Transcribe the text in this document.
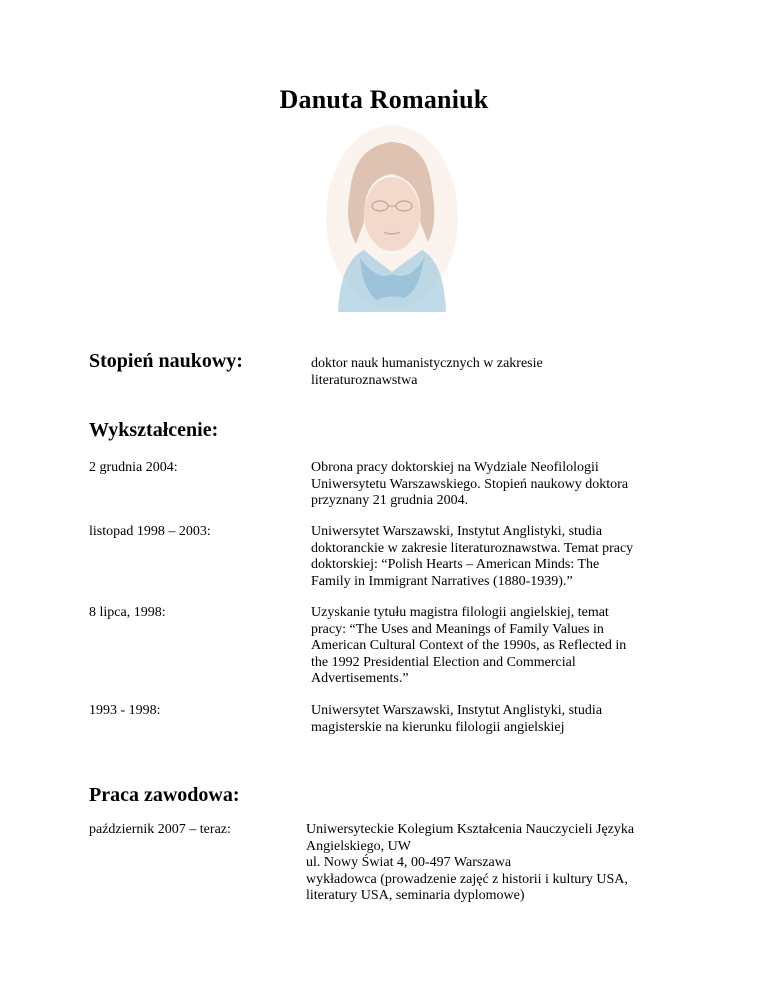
Danuta Romaniuk
Stopień naukowy:	doktor nauk humanistycznych w zakresie
literaturoznawstwa
Wykształcenie:
2 grudnia 2004:	Obrona pracy doktorskiej na Wydziale Neofilologii
Uniwersytetu Warszawskiego. Stopień naukowy doktora
przyznany 21 grudnia 2004.
listopad 1998 – 2003:	Uniwersytet Warszawski, Instytut Anglistyki, studia
doktoranckie w zakresie literaturoznawstwa. Temat pracy
doktorskiej: “Polish Hearts – American Minds: The
Family in Immigrant Narratives (1880-1939).”
8 lipca, 1998:	Uzyskanie tytułu magistra filologii angielskiej, temat
pracy: “The Uses and Meanings of Family Values in
American Cultural Context of the 1990s, as Reflected in
the 1992 Presidential Election and Commercial
Advertisements.”
1993 - 1998:	Uniwersytet Warszawski, Instytut Anglistyki, studia
magisterskie na kierunku filologii angielskiej
Praca zawodowa:
październik 2007 – teraz:	Uniwersyteckie Kolegium Kształcenia Nauczycieli Języka
Angielskiego, UW
ul. Nowy Świat 4, 00-497 Warszawa
wykładowca (prowadzenie zajęć z historii i kultury USA,
literatury USA, seminaria dyplomowe)
